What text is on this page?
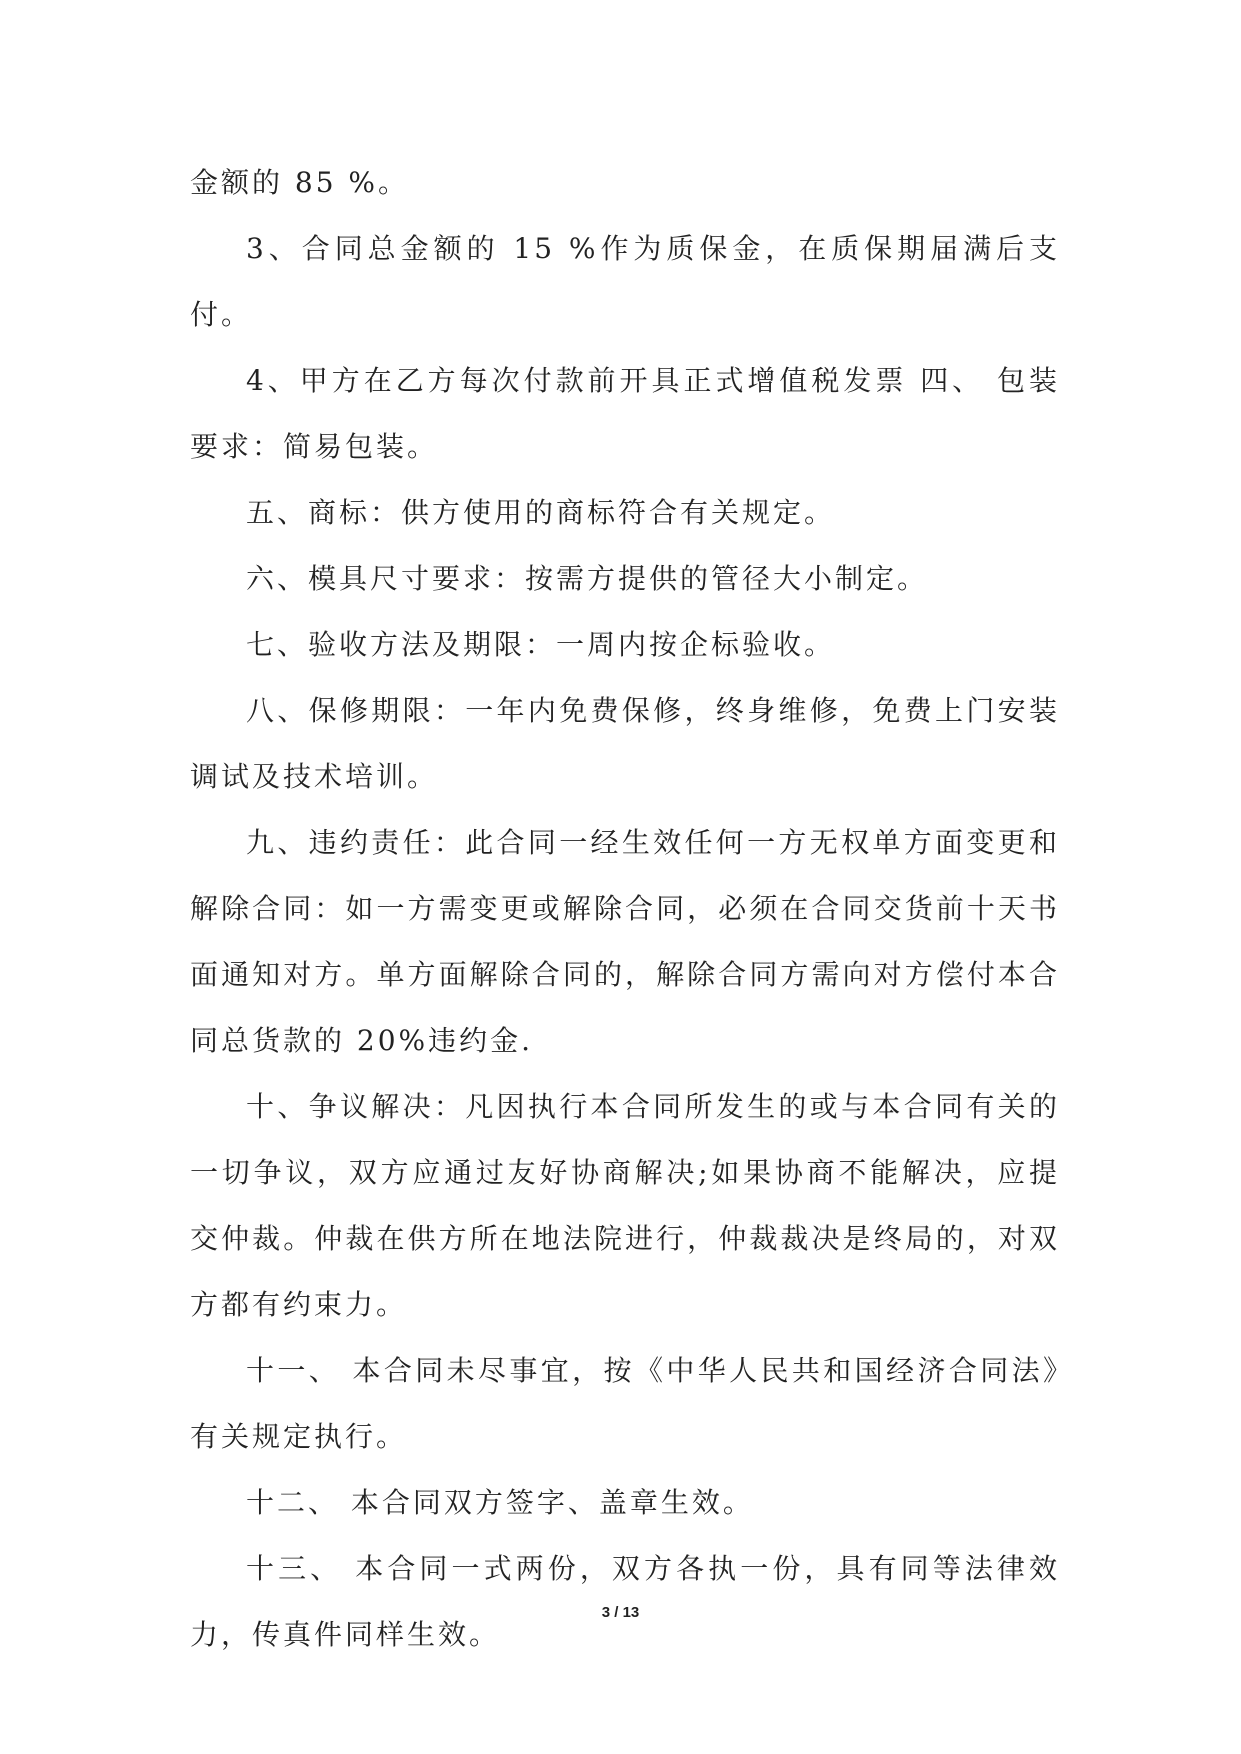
金额的 85 %。

3、合同总金额的 15 %作为质保金，在质保期届满后支付。

4、甲方在乙方每次付款前开具正式增值税发票 四、 包装要求：简易包装。

五、商标：供方使用的商标符合有关规定。

六、模具尺寸要求：按需方提供的管径大小制定。

七、验收方法及期限：一周内按企标验收。

八、保修期限：一年内免费保修，终身维修，免费上门安装调试及技术培训。

九、违约责任：此合同一经生效任何一方无权单方面变更和解除合同：如一方需变更或解除合同，必须在合同交货前十天书面通知对方。单方面解除合同的，解除合同方需向对方偿付本合同总货款的 20%违约金.

十、争议解决：凡因执行本合同所发生的或与本合同有关的一切争议，双方应通过友好协商解决;如果协商不能解决，应提交仲裁。仲裁在供方所在地法院进行，仲裁裁决是终局的，对双方都有约束力。

十一、 本合同未尽事宜，按《中华人民共和国经济合同法》有关规定执行。

十二、 本合同双方签字、盖章生效。

十三、 本合同一式两份，双方各执一份，具有同等法律效力，传真件同样生效。

3 / 13
